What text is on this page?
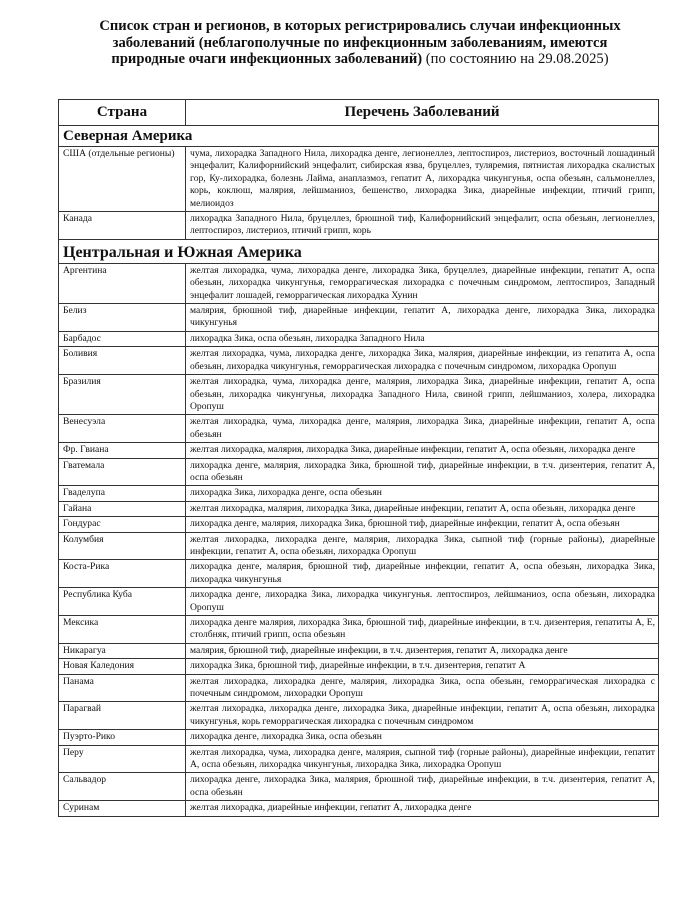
Список стран и регионов, в которых регистрировались случаи инфекционных заболеваний (неблагополучные по инфекционным заболеваниям, имеются природные очаги инфекционных заболеваний) (по состоянию на 29.08.2025)
Страна	Перечень Заболеваний
Северная Америка	
США (отдельные регионы)	чума, лихорадка Западного Нила, лихорадка денге, легионеллез, лептоспироз, листериоз, восточный лошадиный энцефалит, Калифорнийский энцефалит, сибирская язва, бруцеллез, туляремия, пятнистая лихорадка скалистых гор, Ку-лихорадка, болезнь Лайма, анаплазмоз, гепатит А, лихорадка чикунгунья, оспа обезьян, сальмонеллез, корь, коклюш, малярия, лейшманиоз, бешенство, лихорадка Зика, диарейные инфекции, птичий грипп, мелиоидоз
Канада	лихорадка Западного Нила, бруцеллез, брюшной тиф, Калифорнийский энцефалит, оспа обезьян, легионеллез, лептоспироз, листериоз, птичий грипп, корь
Центральная и Южная Америка	
Аргентина	желтая лихорадка, чума, лихорадка денге, лихорадка Зика, бруцеллез, диарейные инфекции, гепатит А, оспа обезьян, лихорадка чикунгунья, геморрагическая лихорадка с почечным синдромом, лептоспироз, Западный энцефалит лошадей, геморрагическая лихорадка Хунин
Белиз	малярия, брюшной тиф, диарейные инфекции, гепатит А, лихорадка денге, лихорадка Зика, лихорадка чикунгунья
Барбадос	лихорадка Зика, оспа обезьян, лихорадка Западного Нила
Боливия	желтая лихорадка, чума, лихорадка денге, лихорадка Зика, малярия, диарейные инфекции, из гепатита А, оспа обезьян, лихорадка чикунгунья, геморрагическая лихорадка с почечным синдромом, лихорадка Оропуш
Бразилия	желтая лихорадка, чума, лихорадка денге, малярия, лихорадка Зика, диарейные инфекции, гепатит А, оспа обезьян, лихорадка чикунгунья, лихорадка Западного Нила, свиной грипп, лейшманиоз, холера, лихорадка Оропуш
Венесуэла	желтая лихорадка, чума, лихорадка денге, малярия, лихорадка Зика, диарейные инфекции, гепатит А, оспа обезьян
Фр. Гвиана	желтая лихорадка, малярия, лихорадка Зика, диарейные инфекции, гепатит А, оспа обезьян, лихорадка денге
Гватемала	лихорадка денге, малярия, лихорадка Зика, брюшной тиф, диарейные инфекции, в т.ч. дизентерия, гепатит А, оспа обезьян
Гваделупа	лихорадка Зика, лихорадка денге, оспа обезьян
Гайана	желтая лихорадка, малярия, лихорадка Зика, диарейные инфекции, гепатит А, оспа обезьян, лихорадка денге
Гондурас	лихорадка денге, малярия, лихорадка Зика, брюшной тиф, диарейные инфекции, гепатит А, оспа обезьян
Колумбия	желтая лихорадка, лихорадка денге, малярия, лихорадка Зика, сыпной тиф (горные районы), диарейные инфекции, гепатит А, оспа обезьян, лихорадка Оропуш
Коста-Рика	лихорадка денге, малярия, брюшной тиф, диарейные инфекции, гепатит А, оспа обезьян, лихорадка Зика, лихорадка чикунгунья
Республика Куба	лихорадка денге, лихорадка Зика, лихорадка чикунгунья. лептоспироз, лейшманиоз, оспа обезьян, лихорадка Оропуш
Мексика	лихорадка денге малярия, лихорадка Зика, брюшной тиф, диарейные инфекции, в т.ч. дизентерия, гепатиты А, Е, столбняк, птичий грипп, оспа обезьян
Никарагуа	малярия, брюшной тиф, диарейные инфекции, в т.ч. дизентерия, гепатит А, лихорадка денге
Новая Каледония	лихорадка Зика, брюшной тиф, диарейные инфекции, в т.ч. дизентерия, гепатит А
Панама	желтая лихорадка, лихорадка денге, малярия, лихорадка Зика, оспа обезьян, геморрагическая лихорадка с почечным синдромом, лихорадки Оропуш
Парагвай	желтая лихорадка, лихорадка денге, лихорадка Зика, диарейные инфекции, гепатит А, оспа обезьян, лихорадка чикунгунья, корь геморрагическая лихорадка с почечным синдромом
Пуэрто-Рико	лихорадка денге, лихорадка Зика, оспа обезьян
Перу	желтая лихорадка, чума, лихорадка денге, малярия, сыпной тиф (горные районы), диарейные инфекции, гепатит А, оспа обезьян, лихорадка чикунгунья, лихорадка Зика, лихорадка Оропуш
Сальвадор	лихорадка денге, лихорадка Зика, малярия, брюшной тиф, диарейные инфекции, в т.ч. дизентерия, гепатит А, оспа обезьян
Суринам	желтая лихорадка, диарейные инфекции, гепатит А, лихорадка денге
